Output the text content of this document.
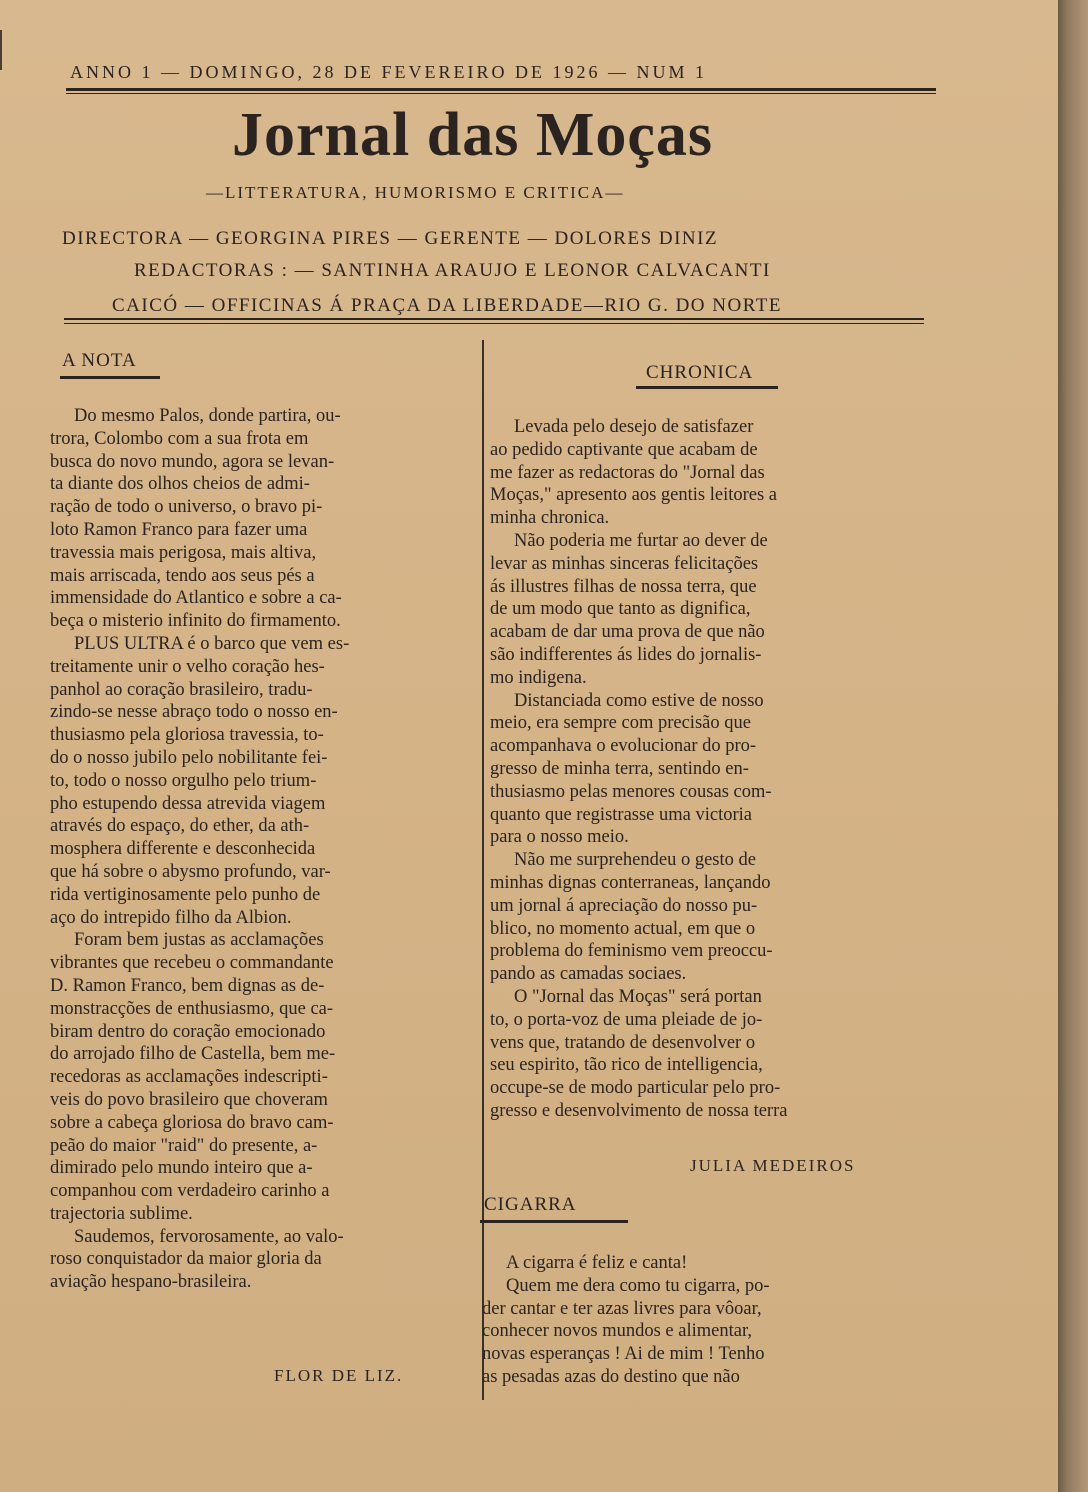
ANNO 1 — DOMINGO, 28 DE FEVEREIRO DE 1926 — NUM 1
Jornal das Moças
—LITTERATURA, HUMORISMO E CRITICA—
DIRECTORA — GEORGINA PIRES — GERENTE — DOLORES DINIZ
REDACTORAS : — SANTINHA ARAUJO E LEONOR CALVACANTI
CAICÓ — OFFICINAS Á PRAÇA DA LIBERDADE—RIO G. DO NORTE
A NOTA
Do mesmo Palos, donde partira, ou-
trora, Colombo com a sua frota em
busca do novo mundo, agora se levan-
ta diante dos olhos cheios de admi-
ração de todo o universo, o bravo pi-
loto Ramon Franco para fazer uma
travessia mais perigosa, mais altiva,
mais arriscada, tendo aos seus pés a
immensidade do Atlantico e sobre a ca-
beça o misterio infinito do firmamento.
PLUS ULTRA é o barco que vem es-
treitamente unir o velho coração hes-
panhol ao coração brasileiro, tradu-
zindo-se nesse abraço todo o nosso en-
thusiasmo pela gloriosa travessia, to-
do o nosso jubilo pelo nobilitante fei-
to, todo o nosso orgulho pelo trium-
pho estupendo dessa atrevida viagem
através do espaço, do ether, da ath-
mosphera differente e desconhecida
que há sobre o abysmo profundo, var-
rida vertiginosamente pelo punho de
aço do intrepido filho da Albion.
Foram bem justas as acclamações
vibrantes que recebeu o commandante
D. Ramon Franco, bem dignas as de-
monstracções de enthusiasmo, que ca-
biram dentro do coração emocionado
do arrojado filho de Castella, bem me-
recedoras as acclamações indescripti-
veis do povo brasileiro que choveram
sobre a cabeça gloriosa do bravo cam-
peão do maior "raid" do presente, a-
dimirado pelo mundo inteiro que a-
companhou com verdadeiro carinho a
trajectoria sublime.
Saudemos, fervorosamente, ao valo-
roso conquistador da maior gloria da
aviação hespano-brasileira.
FLOR DE LIZ.
CHRONICA
Levada pelo desejo de satisfazer
ao pedido captivante que acabam de
me fazer as redactoras do "Jornal das
Moças," apresento aos gentis leitores a
minha chronica.
Não poderia me furtar ao dever de
levar as minhas sinceras felicitações
ás illustres filhas de nossa terra, que
de um modo que tanto as dignifica,
acabam de dar uma prova de que não
são indifferentes ás lides do jornalis-
mo indigena.
Distanciada como estive de nosso
meio, era sempre com precisão que
acompanhava o evolucionar do pro-
gresso de minha terra, sentindo en-
thusiasmo pelas menores cousas com-
quanto que registrasse uma victoria
para o nosso meio.
Não me surprehendeu o gesto de
minhas dignas conterraneas, lançando
um jornal á apreciação do nosso pu-
blico, no momento actual, em que o
problema do feminismo vem preoccu-
pando as camadas sociaes.
O "Jornal das Moças" será portan
to, o porta-voz de uma pleiade de jo-
vens que, tratando de desenvolver o
seu espirito, tão rico de intelligencia,
occupe-se de modo particular pelo pro-
gresso e desenvolvimento de nossa terra
JULIA MEDEIROS
CIGARRA
A cigarra é feliz e canta!
Quem me dera como tu cigarra, po-
der cantar e ter azas livres para vôoar,
conhecer novos mundos e alimentar,
novas esperanças ! Ai de mim ! Tenho
as pesadas azas do destino que não
